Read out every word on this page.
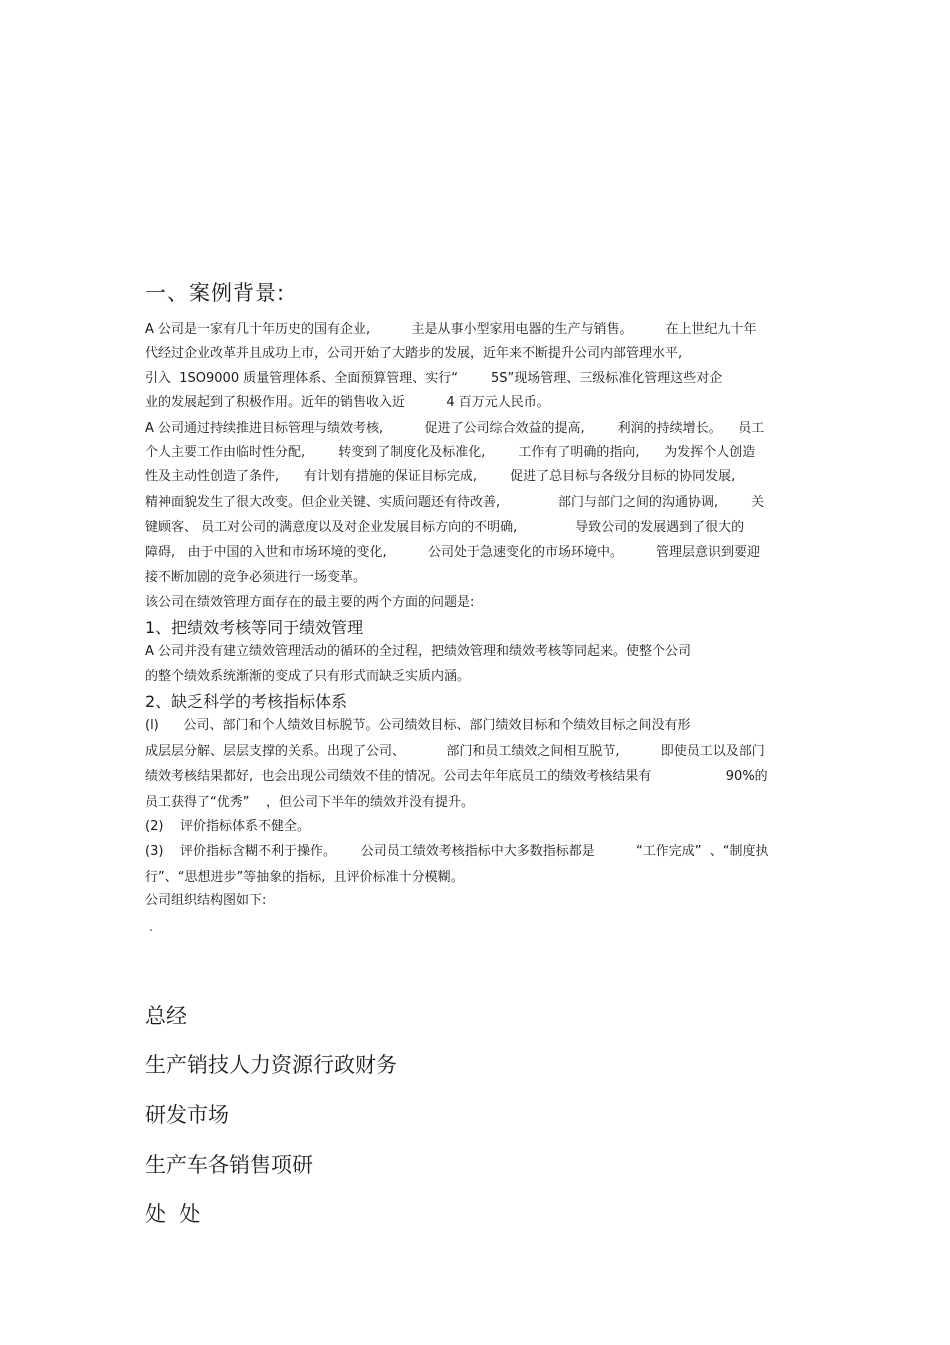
一、案例背景:
A 公司是一家有几十年历史的国有企业,          主是从事小型家用电器的生产与销售。        在上世纪九十年
代经过企业改革并且成功上市，公司开始了大踏步的发展，近年来不断提升公司内部管理水平,
引入  1SO9000 质量管理体系、全面预算管理、实行“        5S”现场管理、三级标准化管理这些对企
业的发展起到了积极作用。近年的销售收入近          4 百万元人民币。
A 公司通过持续推进目标管理与绩效考核,          促进了公司综合效益的提高,        利润的持续增长。    员工
个人主要工作由临时性分配,        转变到了制度化及标准化,        工作有了明确的指向,      为发挥个人创造
性及主动性创造了条件,      有计划有措施的保证目标完成,        促进了总目标与各级分目标的协同发展,
精神面貌发生了很大改变。但企业关键、实质问题还有待改善,              部门与部门之间的沟通协调,        关
键顾客、 员工对公司的满意度以及对企业发展目标方向的不明确,              导致公司的发展遇到了很大的
障碍,   由于中国的入世和市场环境的变化,          公司处于急速变化的市场环境中。        管理层意识到要迎
接不断加剧的竞争必须进行一场变革。
该公司在绩效管理方面存在的最主要的两个方面的问题是:
1、把绩效考核等同于绩效管理
A 公司并没有建立绩效管理活动的循环的全过程，把绩效管理和绩效考核等同起来。使整个公司
的整个绩效系统渐渐的变成了只有形式而缺乏实质内涵。
2、缺乏科学的考核指标体系
(l)      公司、部门和个人绩效目标脱节。公司绩效目标、部门绩效目标和个绩效目标之间没有形
成层层分解、层层支撑的关系。出现了公司、          部门和员工绩效之间相互脱节,          即使员工以及部门
绩效考核结果都好,  也会出现公司绩效不佳的情况。公司去年年底员工的绩效考核结果有                  90%的
员工获得了“优秀”    ，但公司下半年的绩效并没有提升。
(2)    评价指标体系不健全。
(3)    评价指标含糊不利于操作。      公司员工绩效考核指标中大多数指标都是          “工作完成”  、“制度执
行”、“思想进步”等抽象的指标,  且评价标准十分模糊。
公司组织结构图如下:
总经
生产销技人力资源行政财务
研发市场
生产车各销售项研
处  处
